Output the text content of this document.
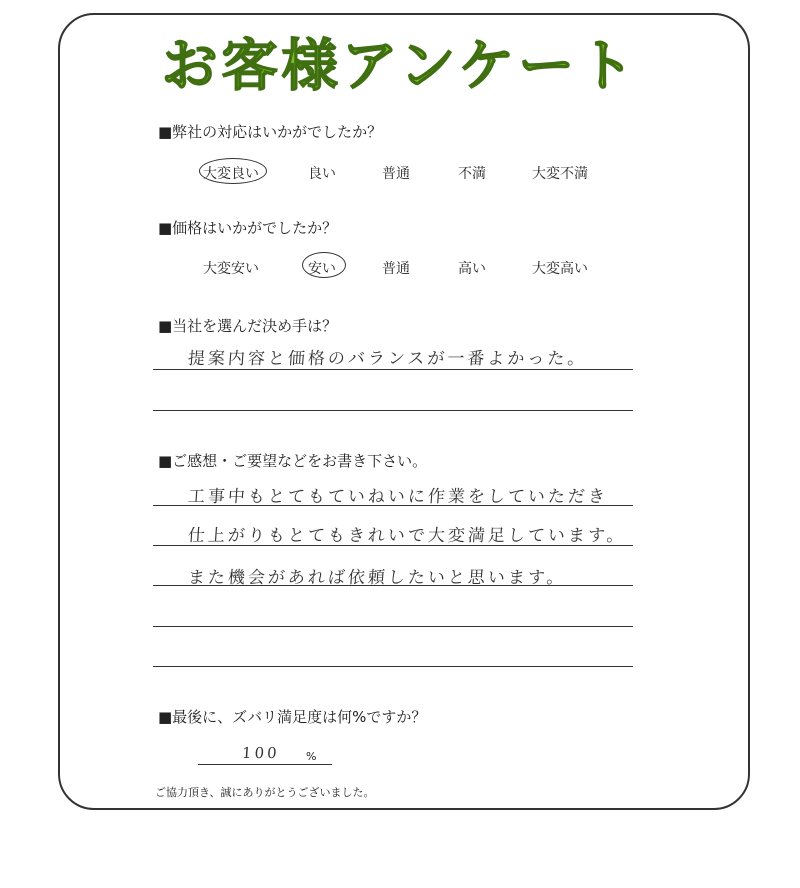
お客様アンケート
■弊社の対応はいかがでしたか？
大変良い	良い	普通	不満	大変不満
■価格はいかがでしたか？
大変安い	安い	普通	高い	大変高い
■当社を選んだ決め手は？
提案内容と価格のバランスが一番よかった。
■ご感想・ご要望などをお書き下さい。
工事中もとてもていねいに作業をしていただき
仕上がりもとてもきれいで大変満足しています。
また機会があれば依頼したいと思います。
■最後に、ズバリ満足度は何%ですか？
100 %
ご協力頂き、誠にありがとうございました。
